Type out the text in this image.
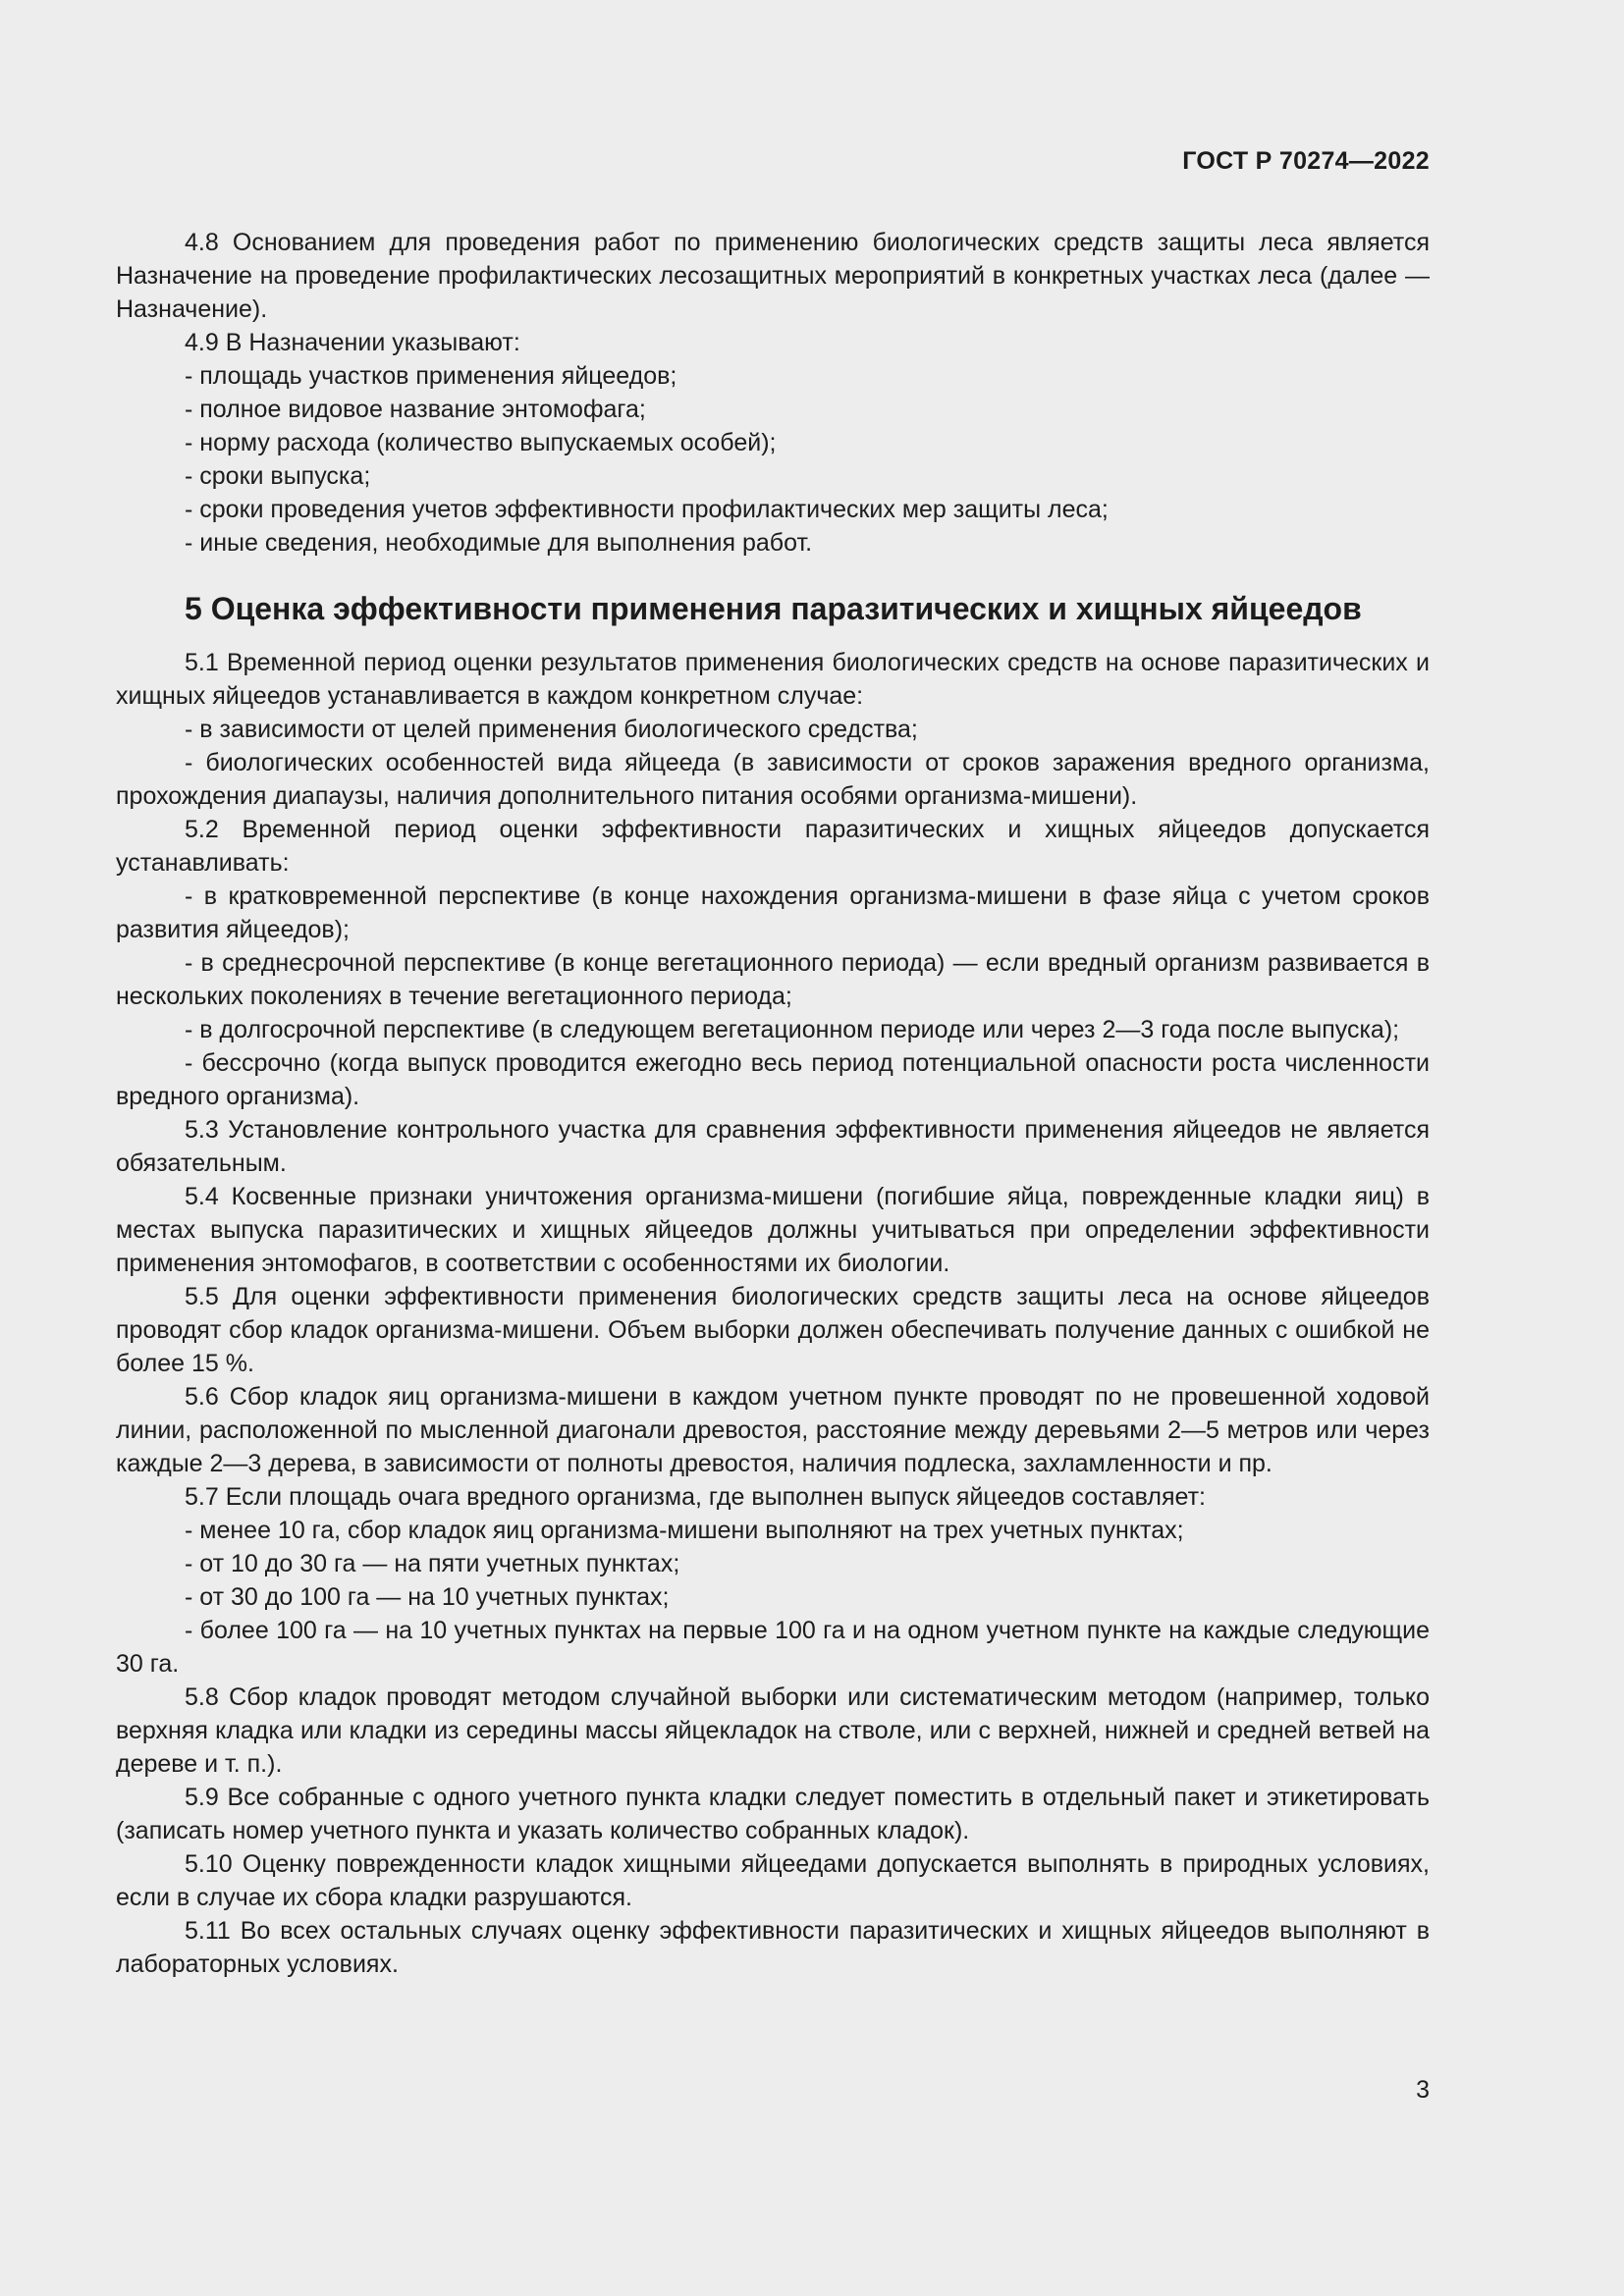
ГОСТ Р 70274—2022

4.8 Основанием для проведения работ по применению биологических средств защиты леса является Назначение на проведение профилактических лесозащитных мероприятий в конкретных участках леса (далее — Назначение).

4.9 В Назначении указывают:

- площадь участков применения яйцеедов;

- полное видовое название энтомофага;

- норму расхода (количество выпускаемых особей);

- сроки выпуска;

- сроки проведения учетов эффективности профилактических мер защиты леса;

- иные сведения, необходимые для выполнения работ.

5 Оценка эффективности применения паразитических и хищных яйцеедов

5.1 Временной период оценки результатов применения биологических средств на основе паразитических и хищных яйцеедов устанавливается в каждом конкретном случае:

- в зависимости от целей применения биологического средства;

- биологических особенностей вида яйцееда (в зависимости от сроков заражения вредного организма, прохождения диапаузы, наличия дополнительного питания особями организма-мишени).

5.2 Временной период оценки эффективности паразитических и хищных яйцеедов допускается устанавливать:

- в кратковременной перспективе (в конце нахождения организма-мишени в фазе яйца с учетом сроков развития яйцеедов);

- в среднесрочной перспективе (в конце вегетационного периода) — если вредный организм развивается в нескольких поколениях в течение вегетационного периода;

- в долгосрочной перспективе (в следующем вегетационном периоде или через 2—3 года после выпуска);

- бессрочно (когда выпуск проводится ежегодно весь период потенциальной опасности роста численности вредного организма).

5.3 Установление контрольного участка для сравнения эффективности применения яйцеедов не является обязательным.

5.4 Косвенные признаки уничтожения организма-мишени (погибшие яйца, поврежденные кладки яиц) в местах выпуска паразитических и хищных яйцеедов должны учитываться при определении эффективности применения энтомофагов, в соответствии с особенностями их биологии.

5.5 Для оценки эффективности применения биологических средств защиты леса на основе яйцеедов проводят сбор кладок организма-мишени. Объем выборки должен обеспечивать получение данных с ошибкой не более 15 %.

5.6 Сбор кладок яиц организма-мишени в каждом учетном пункте проводят по не провешенной ходовой линии, расположенной по мысленной диагонали древостоя, расстояние между деревьями 2—5 метров или через каждые 2—3 дерева, в зависимости от полноты древостоя, наличия подлеска, захламленности и пр.

5.7 Если площадь очага вредного организма, где выполнен выпуск яйцеедов составляет:

- менее 10 га, сбор кладок яиц организма-мишени выполняют на трех учетных пунктах;

- от 10 до 30 га — на пяти учетных пунктах;

- от 30 до 100 га — на 10 учетных пунктах;

- более 100 га — на 10 учетных пунктах на первые 100 га и на одном учетном пункте на каждые следующие 30 га.

5.8 Сбор кладок проводят методом случайной выборки или систематическим методом (например, только верхняя кладка или кладки из середины массы яйцекладок на стволе, или с верхней, нижней и средней ветвей на дереве и т. п.).

5.9 Все собранные с одного учетного пункта кладки следует поместить в отдельный пакет и этикетировать (записать номер учетного пункта и указать количество собранных кладок).

5.10 Оценку поврежденности кладок хищными яйцеедами допускается выполнять в природных условиях, если в случае их сбора кладки разрушаются.

5.11 Во всех остальных случаях оценку эффективности паразитических и хищных яйцеедов выполняют в лабораторных условиях.

3
